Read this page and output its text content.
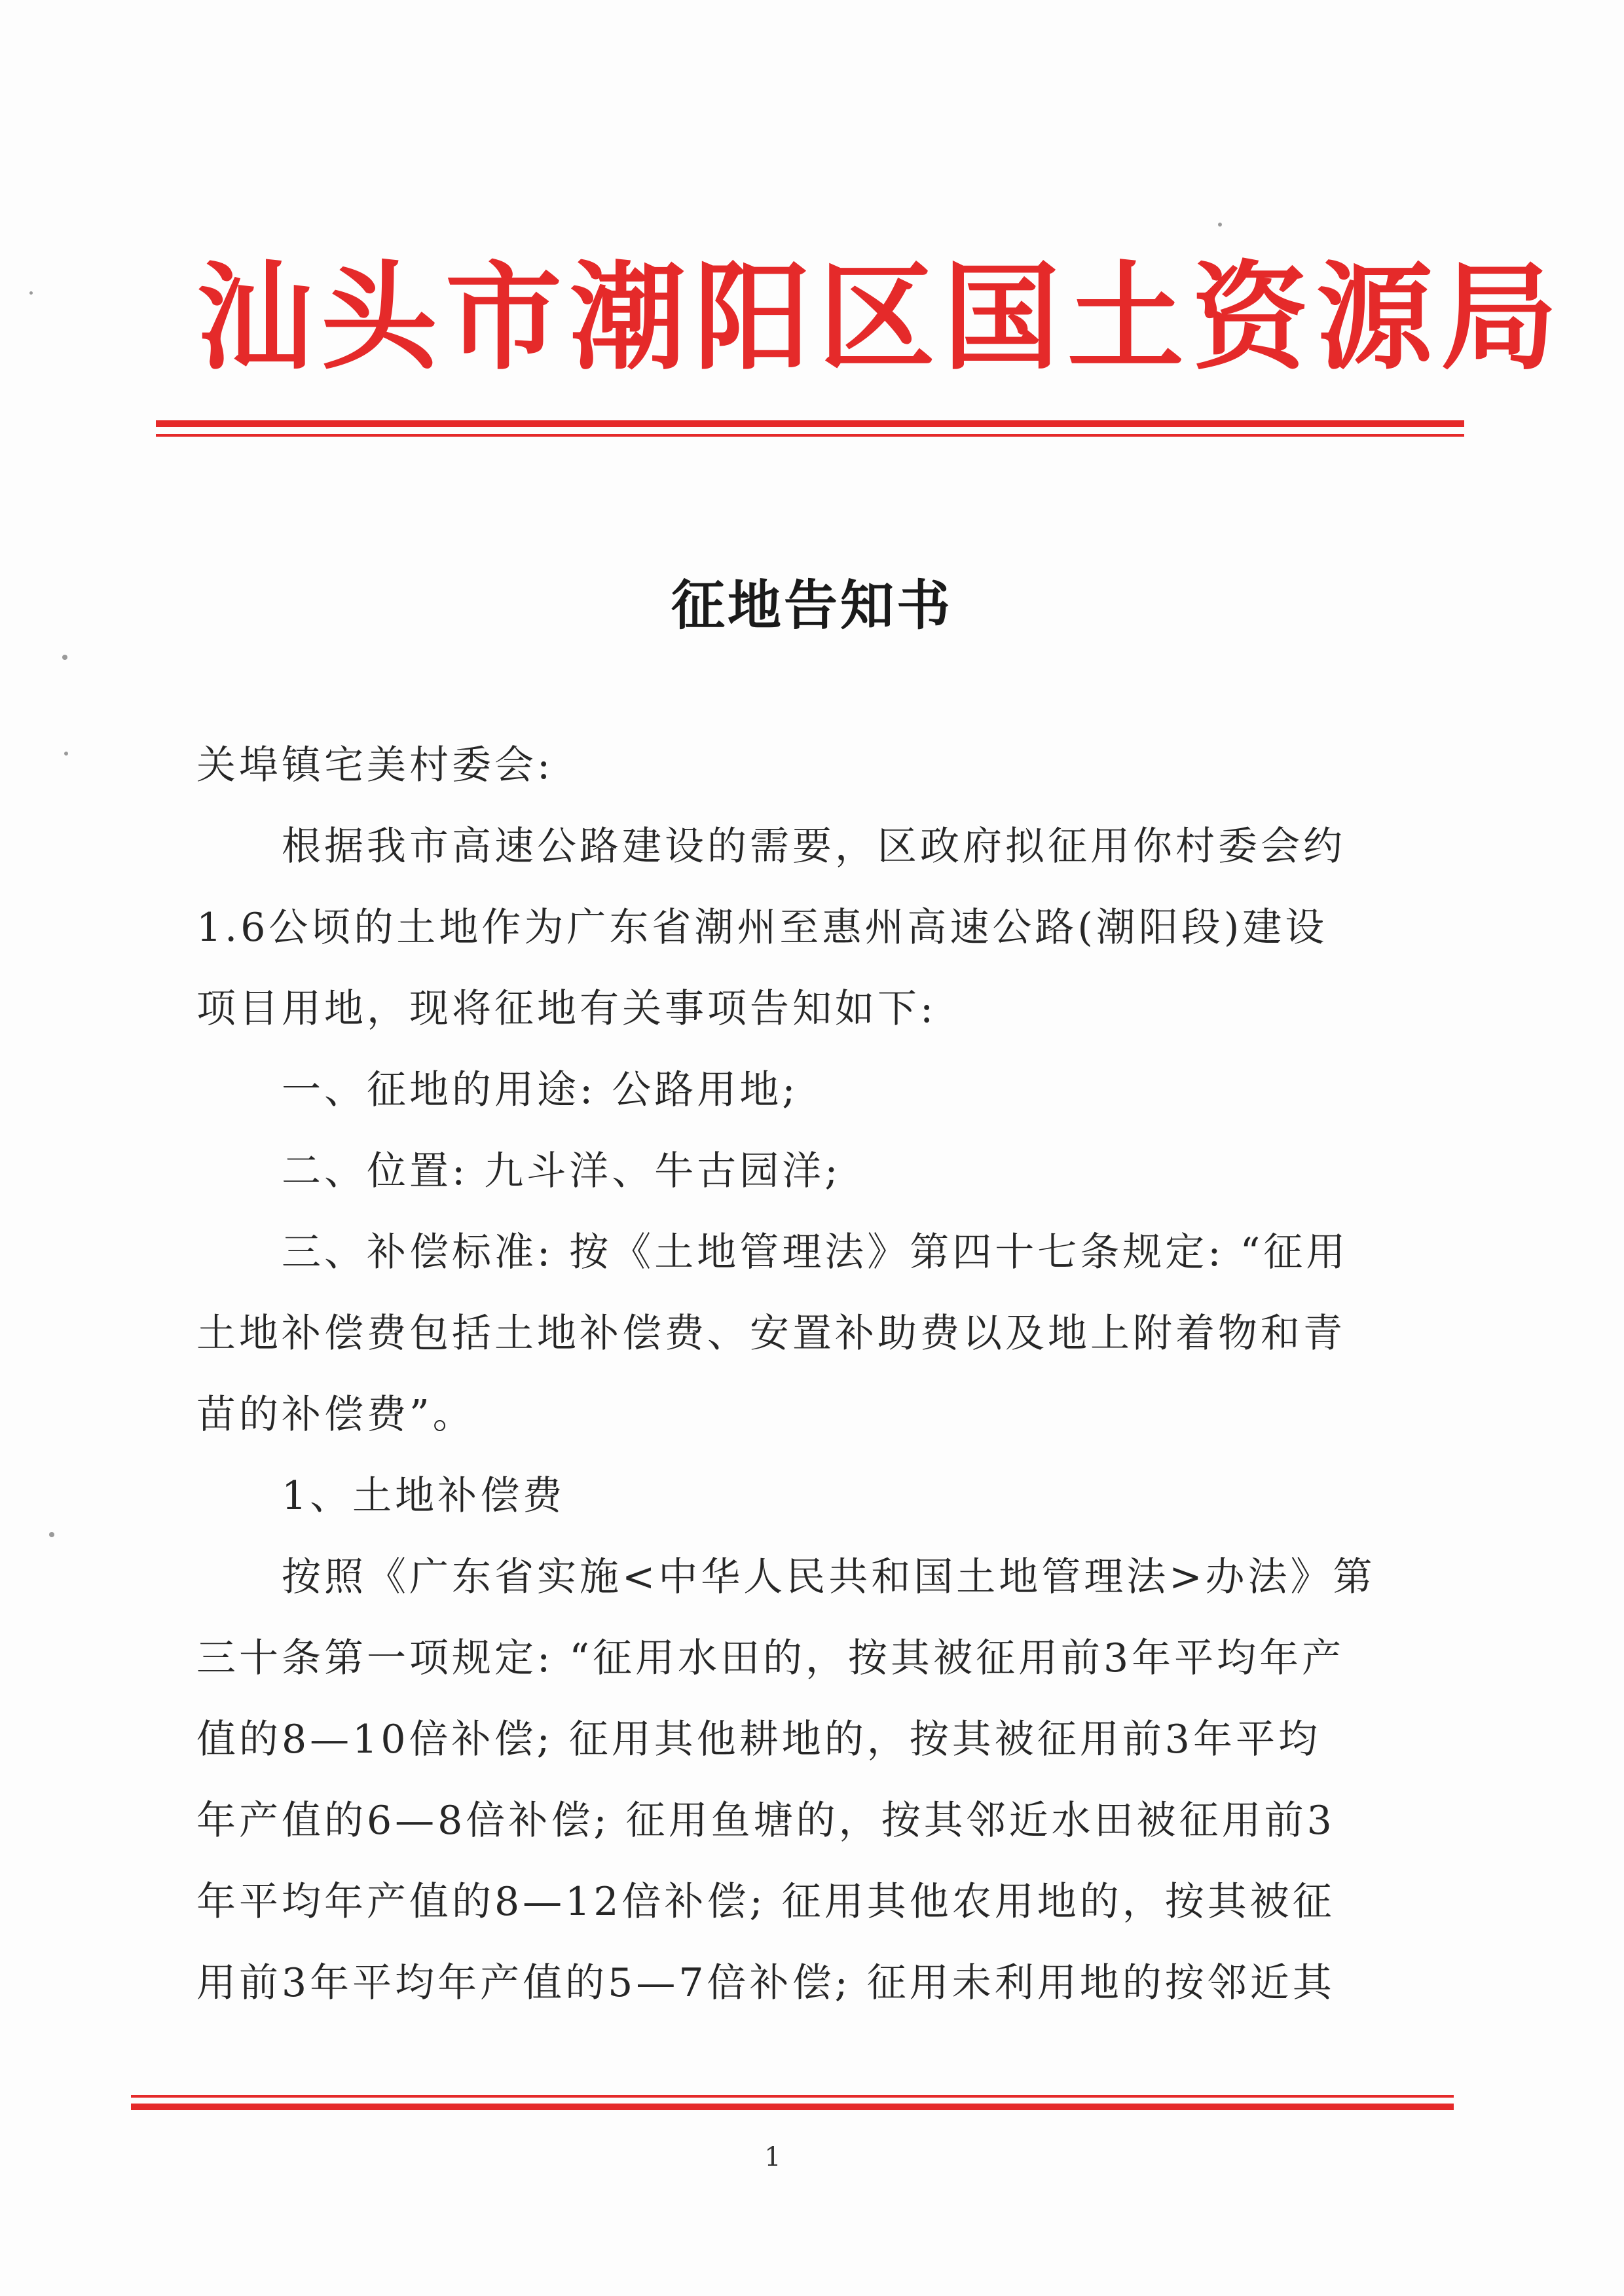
汕头市潮阳区国土资源局
征地告知书
关埠镇宅美村委会:
　　根据我市高速公路建设的需要，区政府拟征用你村委会约
1.6公顷的土地作为广东省潮州至惠州高速公路(潮阳段)建设
项目用地，现将征地有关事项告知如下:
　　一、征地的用途: 公路用地;
　　二、位置: 九斗洋、牛古园洋;
　　三、补偿标准: 按《土地管理法》第四十七条规定: “征用
土地补偿费包括土地补偿费、安置补助费以及地上附着物和青
苗的补偿费”。
　　1、土地补偿费
　　按照《广东省实施<中华人民共和国土地管理法>办法》第
三十条第一项规定: “征用水田的，按其被征用前3年平均年产
值的8—10倍补偿; 征用其他耕地的，按其被征用前3年平均
年产值的6—8倍补偿; 征用鱼塘的，按其邻近水田被征用前3
年平均年产值的8—12倍补偿; 征用其他农用地的，按其被征
用前3年平均年产值的5—7倍补偿; 征用未利用地的按邻近其
1
